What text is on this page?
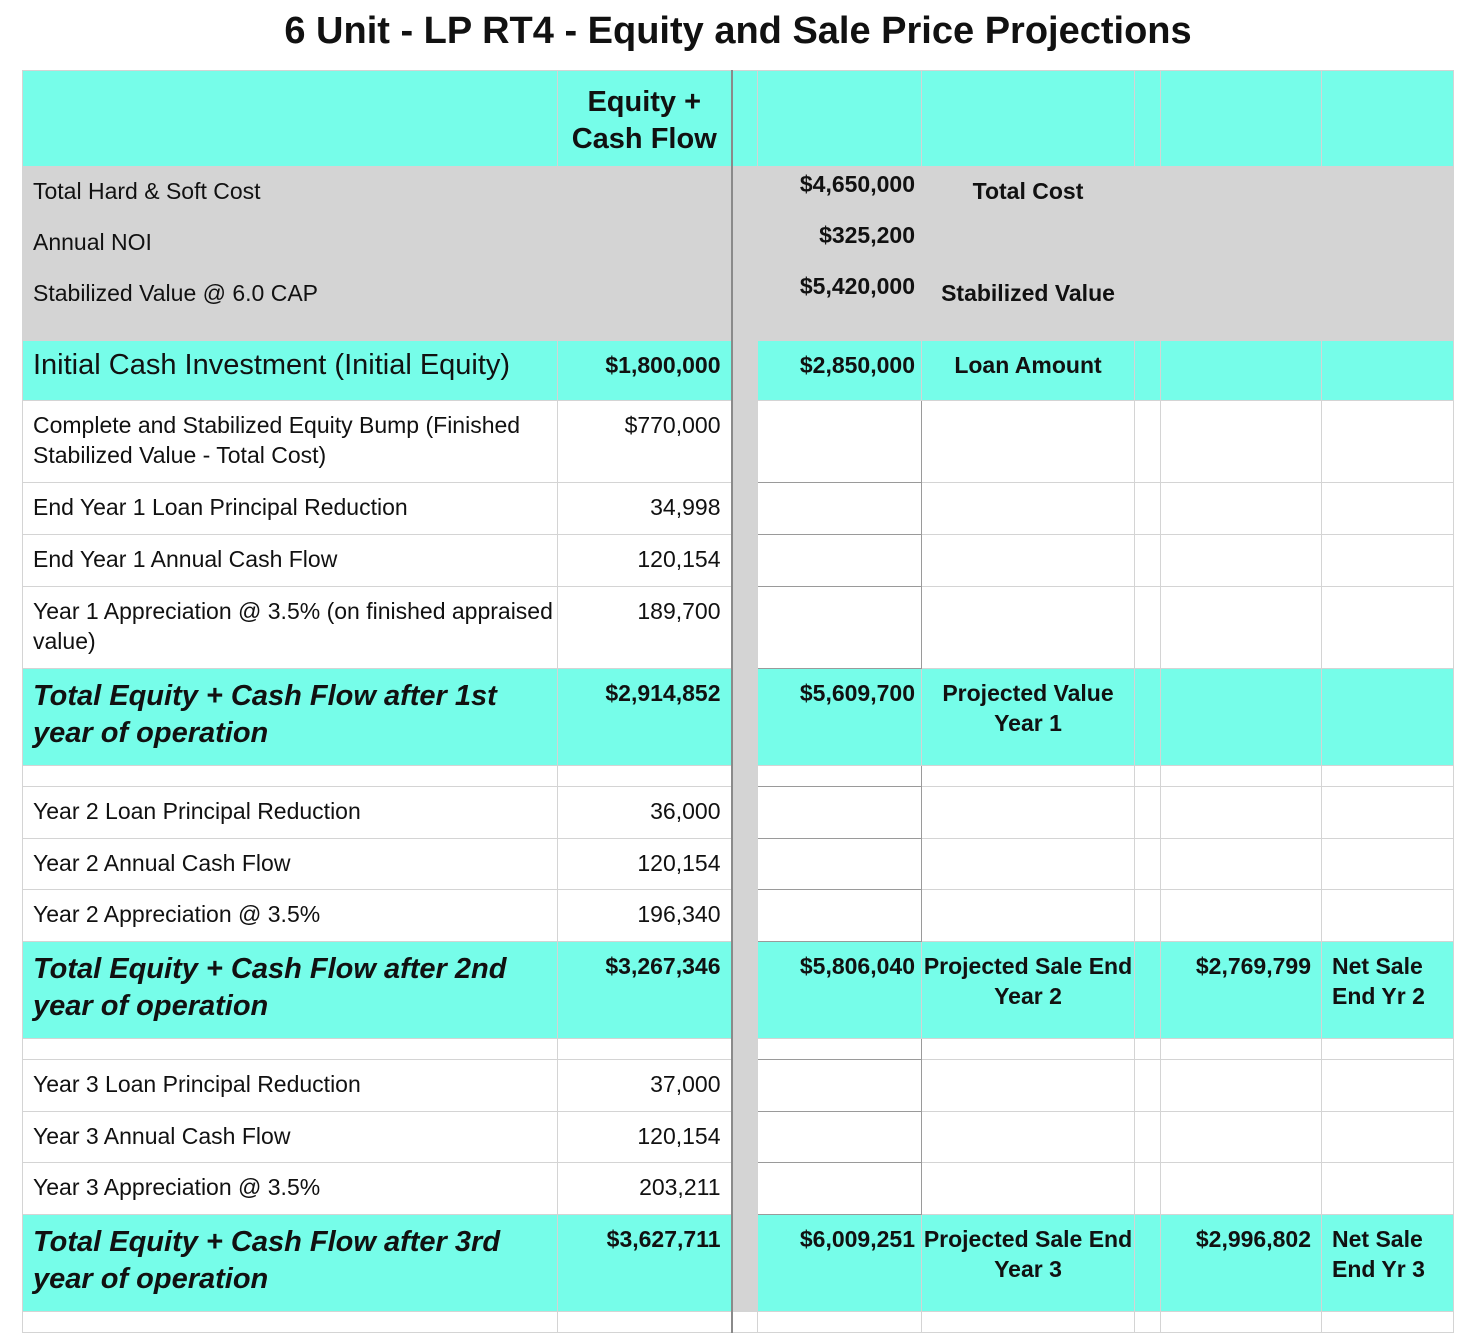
6 Unit - LP RT4 - Equity and Sale Price Projections

	Equity + Cash Flow						

Total Hard & Soft Cost			$4,650,000	Total Cost			
Annual NOI			$325,200				
Stabilized Value @ 6.0 CAP			$5,420,000	Stabilized Value			

Initial Cash Investment (Initial Equity)	$1,800,000		$2,850,000	Loan Amount			
Complete and Stabilized Equity Bump (Finished Stabilized Value - Total Cost)	$770,000						
End Year 1 Loan Principal Reduction	34,998						
End Year 1 Annual Cash Flow	120,154						
Year 1 Appreciation @ 3.5% (on finished appraised value)	189,700						
Total Equity + Cash Flow after 1st year of operation	$2,914,852		$5,609,700	Projected Value Year 1			

Year 2 Loan Principal Reduction	36,000						
Year 2 Annual Cash Flow	120,154						
Year 2 Appreciation @ 3.5%	196,340						
Total Equity + Cash Flow after 2nd year of operation	$3,267,346		$5,806,040	Projected Sale End Year 2		$2,769,799	Net Sale End Yr 2

Year 3 Loan Principal Reduction	37,000						
Year 3 Annual Cash Flow	120,154						
Year 3 Appreciation @ 3.5%	203,211						
Total Equity + Cash Flow after 3rd year of operation	$3,627,711		$6,009,251	Projected Sale End Year 3		$2,996,802	Net Sale End Yr 3
